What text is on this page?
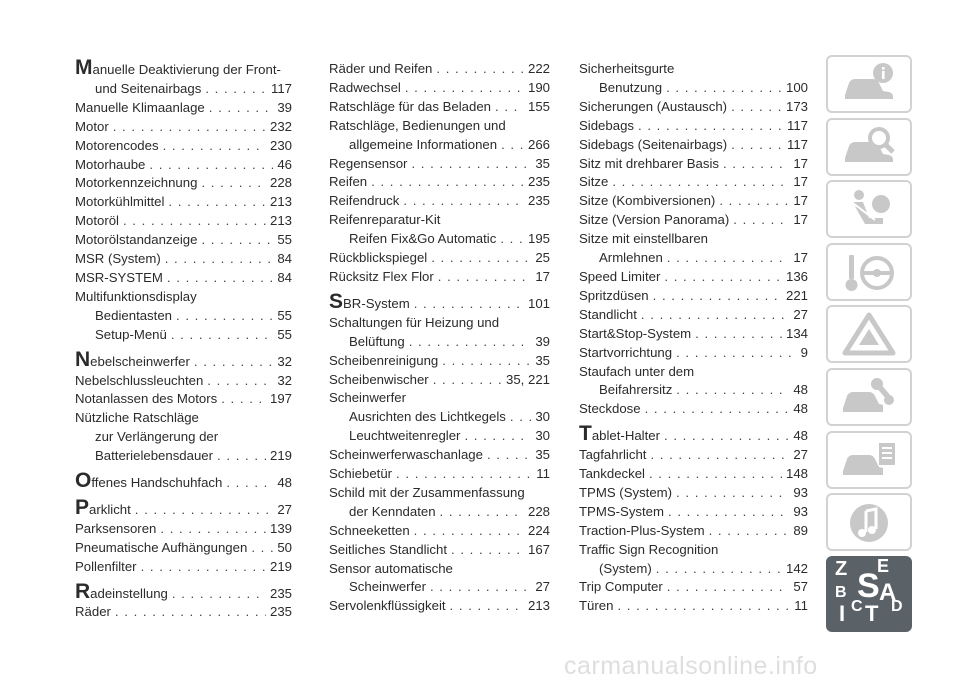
Manuelle Deaktivierung der Front-
und Seitenairbags . . .	117
Manuelle Klimaanlage . . .	39
Motor . . .	232
Motorencodes . . .	230
Motorhaube . . .	46
Motorkennzeichnung . . .	228
Motorkühlmittel . . .	213
Motoröl . . .	213
Motorölstandanzeige . . .	55
MSR (System) . . .	84
MSR-SYSTEM . . .	84
Multifunktionsdisplay
Bedientasten . . .	55
Setup-Menü . . .	55
Nebelscheinwerfer . . .	32
Nebelschlussleuchten . . .	32
Notanlassen des Motors . . .	197
Nützliche Ratschläge
zur Verlängerung der
Batterielebensdauer . . .	219
Offenes Handschuhfach . . .	48
Parklicht . . .	27
Parksensoren . . .	139
Pneumatische Aufhängungen . . . 50
Pollenfilter . . .	219
Radeinstellung . . .	235
Räder . . .	235
Räder und Reifen . . .	222
Radwechsel . . .	190
Ratschläge für das Beladen . . .	155
Ratschläge, Bedienungen und
allgemeine Informationen . . . 266
Regensensor . . .	35
Reifen . . .	235
Reifendruck . . .	235
Reifenreparatur-Kit
Reifen Fix&Go Automatic . . . 195
Rückblickspiegel . . .	25
Rücksitz Flex Flor . . .	17
SBR-System . . .	101
Schaltungen für Heizung und
Belüftung . . .	39
Scheibenreinigung . . .	35
Scheibenwischer . . .	35, 221
Scheinwerfer
Ausrichten des Lichtkegels . . . 30
Leuchtweitenregler . . .	30
Scheinwerferwaschanlage . . .	35
Schiebetür . . .	11
Schild mit der Zusammenfassung
der Kenndaten . . .	228
Schneeketten . . .	224
Seitliches Standlicht . . .	167
Sensor automatische
Scheinwerfer . . .	27
Servolenkflüssigkeit . . .	213
Sicherheitsgurte
Benutzung . . .	100
Sicherungen (Austausch) . . .	173
Sidebags . . .	117
Sidebags (Seitenairbags) . . .	117
Sitz mit drehbarer Basis . . .	17
Sitze . . .	17
Sitze (Kombiversionen) . . .	17
Sitze (Version Panorama) . . .	17
Sitze mit einstellbaren
Armlehnen . . .	17
Speed Limiter . . .	136
Spritzdüsen . . .	221
Standlicht . . .	27
Start&Stop-System . . .	134
Startvorrichtung . . .	9
Staufach unter dem
Beifahrersitz . . .	48
Steckdose . . .	48
Tablet-Halter . . .	48
Tagfahrlicht . . .	27
Tankdeckel . . .	148
TPMS (System) . . .	93
TPMS-System . . .	93
Traction-Plus-System . . .	89
Traffic Sign Recognition
(System) . . .	142
Trip Computer . . .	57
Türen . . .	11
Z E
S
B A
C D
T
I
carmanualsonline.info
